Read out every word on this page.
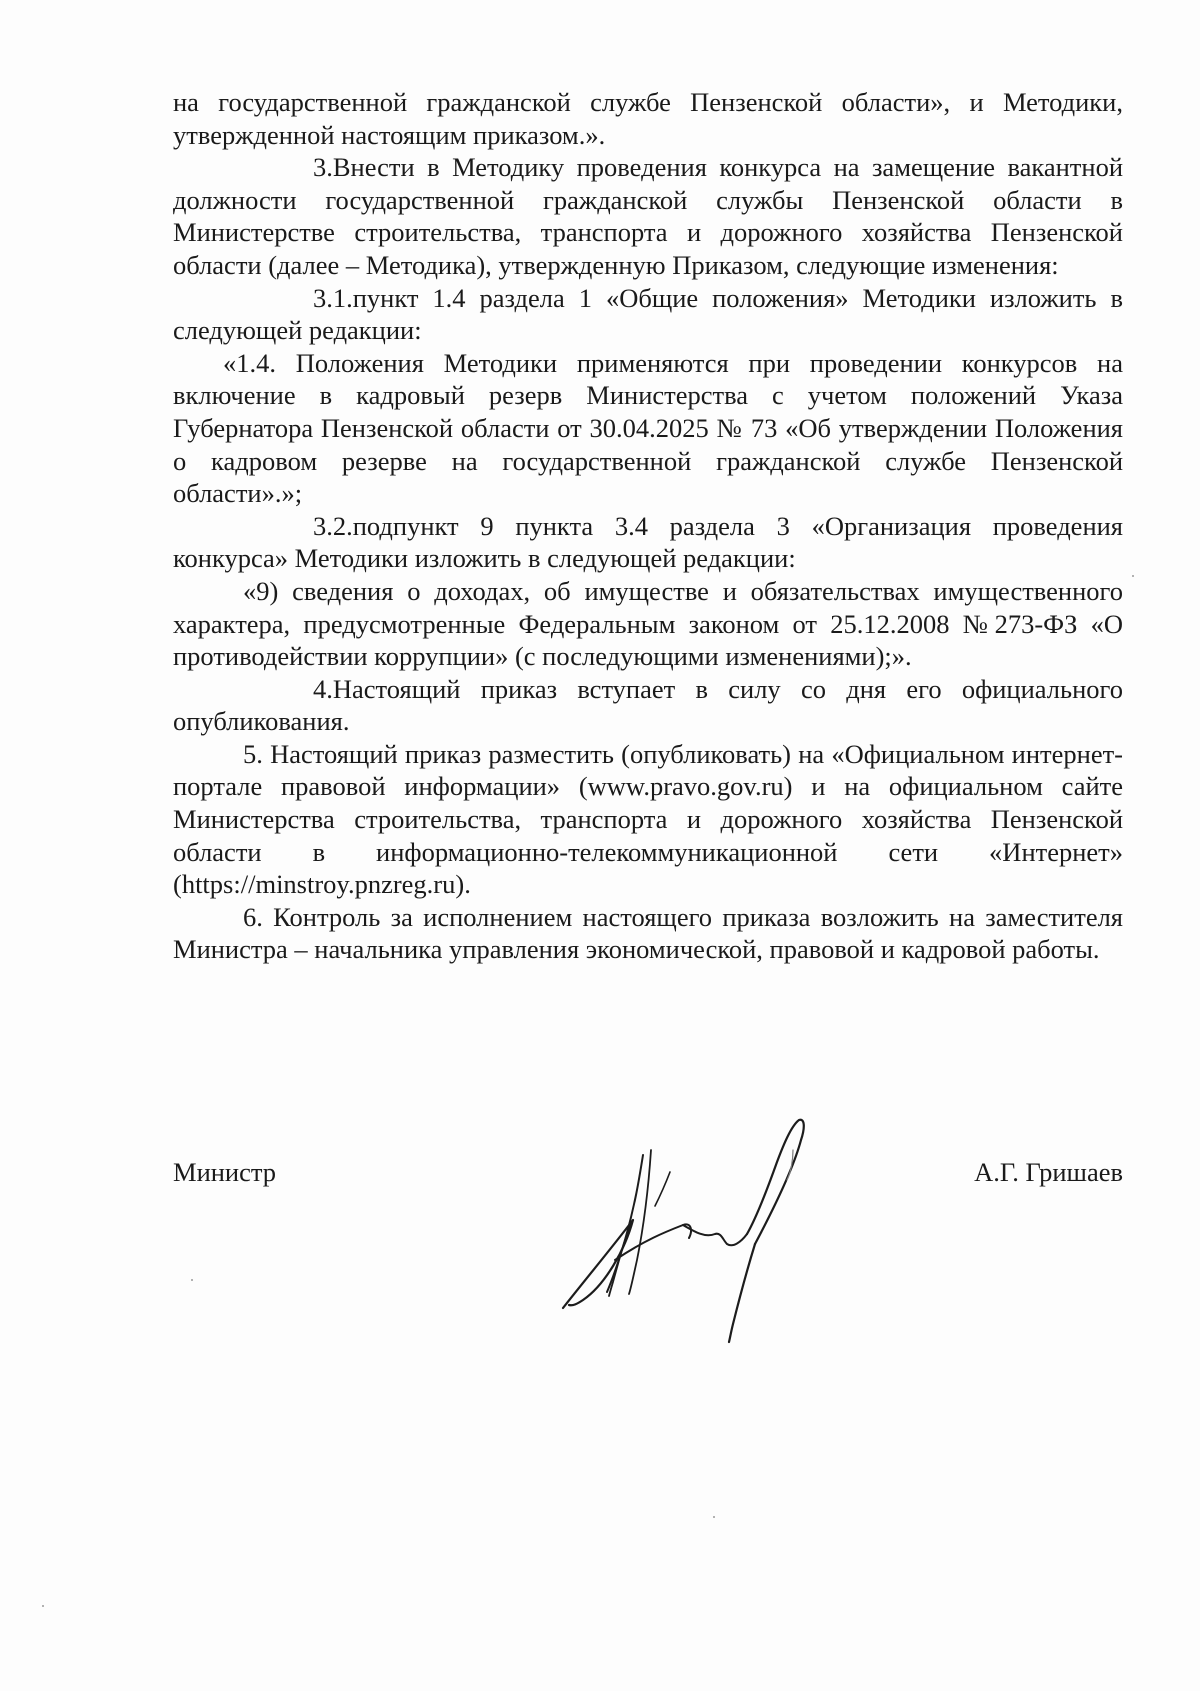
на государственной гражданской службе Пензенской области», и Методики, утвержденной настоящим приказом.».

3.Внести в Методику проведения конкурса на замещение вакантной должности государственной гражданской службы Пензенской области в Министерстве строительства, транспорта и дорожного хозяйства Пензенской области (далее – Методика), утвержденную Приказом, следующие изменения:

3.1.пункт 1.4 раздела 1 «Общие положения» Методики изложить в следующей редакции:

«1.4. Положения Методики применяются при проведении конкурсов на включение в кадровый резерв Министерства с учетом положений Указа Губернатора Пензенской области от 30.04.2025 № 73 «Об утверждении Положения о кадровом резерве на государственной гражданской службе Пензенской области».»;

3.2.подпункт 9 пункта 3.4 раздела 3 «Организация проведения конкурса» Методики изложить в следующей редакции:

«9) сведения о доходах, об имуществе и обязательствах имущественного характера, предусмотренные Федеральным законом от 25.12.2008 №273-ФЗ «О противодействии коррупции» (с последующими изменениями);».

4.Настоящий приказ вступает в силу со дня его официального опубликования.

5. Настоящий приказ разместить (опубликовать) на «Официальном интернет-портале правовой информации» (www.pravo.gov.ru) и на официальном сайте Министерства строительства, транспорта и дорожного хозяйства Пензенской области в информационно-телекоммуникационной сети «Интернет» (https://minstroy.pnzreg.ru).

6. Контроль за исполнением настоящего приказа возложить на заместителя Министра – начальника управления экономической, правовой и кадровой работы.

Министр	А.Г. Гришаев
